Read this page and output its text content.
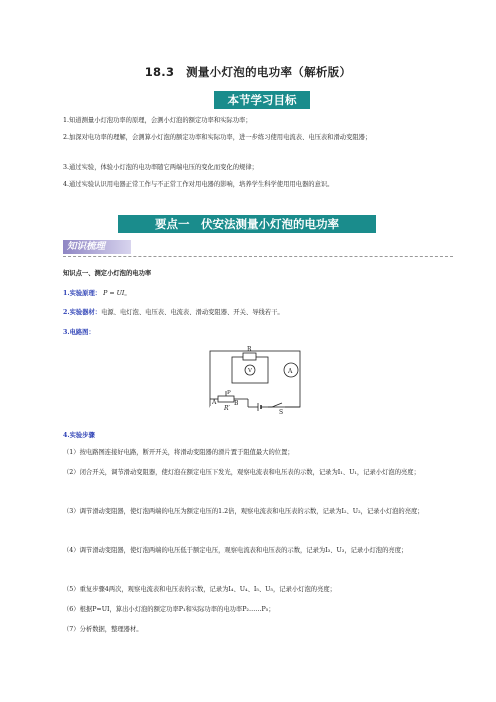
18.3　测量小灯泡的电功率（解析版）
本节学习目标
1.知道测量小灯泡功率的原理，会测小灯泡的额定功率和实际功率；
2.加深对电功率的理解，会测算小灯泡的额定功率和实际功率，进一步练习使用电流表、电压表和滑动变阻器；
3.通过实验，体验小灯泡的电功率随它两端电压的变化而变化的规律；
4.通过实验认识用电器正常工作与不正常工作对用电器的影响，培养学生科学使用用电器的意识。
要点一　伏安法测量小灯泡的电功率
知识梳理
知识点一、测定小灯泡的电功率
1.实验原理： P = UI。
2.实验器材：电源、电灯泡、电压表、电流表、滑动变阻器、开关、导线若干。
3.电路图：
R
V	A
P
A
R′
B
S
4.实验步骤
（1）按电路图连接好电路，断开开关，将滑动变阻器的滑片置于阻值最大的位置；
（2）闭合开关，调节滑动变阻器，使灯泡在额定电压下发光，观察电流表和电压表的示数，记录为I₁、U₁，记录小灯泡的亮度；
（3）调节滑动变阻器，使灯泡两端的电压为额定电压的1.2倍，观察电流表和电压表的示数，记录为I₂、U₂，记录小灯泡的亮度；
（4）调节滑动变阻器，使灯泡两端的电压低于额定电压，观察电流表和电压表的示数，记录为I₃、U₃，记录小灯泡的亮度；
（5）重复步骤4两次，观察电流表和电压表的示数，记录为I₄、U₄、I₅、U₅，记录小灯泡的亮度；
（6）根据P=UI，算出小灯泡的额定功率P₁和实际功率的电功率P₂……P₅；
（7）分析数据，整理器材。
